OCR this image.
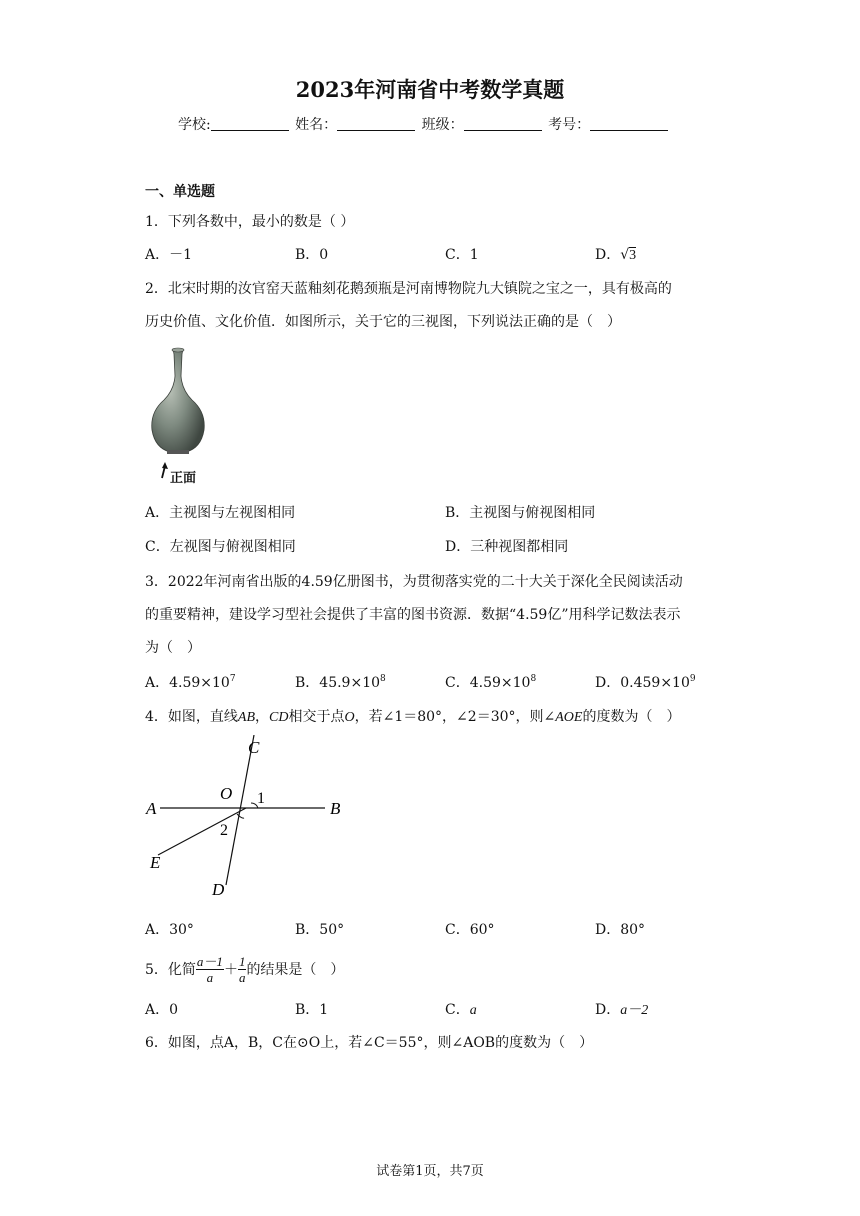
2023年河南省中考数学真题
学校:	姓名：	班级：	考号：
一、单选题
1．下列各数中，最小的数是（ ）
A．－1	B．0	C．1	D．√3
2．北宋时期的汝官窑天蓝釉刻花鹅颈瓶是河南博物院九大镇院之宝之一，具有极高的
历史价值、文化价值．如图所示，关于它的三视图，下列说法正确的是（　）
正面
A．主视图与左视图相同	B．主视图与俯视图相同
C．左视图与俯视图相同	D．三种视图都相同
3．2022年河南省出版的4.59亿册图书，为贯彻落实党的二十大关于深化全民阅读活动
的重要精神，建设学习型社会提供了丰富的图书资源．数据“4.59亿”用科学记数法表示
为（　）
A．$4.59\times 10^7$	B．$45.9\times 10^8$	C．$4.59\times 10^8$	D．$0.459\times 10^9$
4．如图，直线AB，CD相交于点O，若∠1＝80°，∠2＝30°，则∠AOE的度数为（　）
A	B
C
D
E
O 1
2
A．30°	B．50°	C．60°	D．80°
5．化简 $\frac{a-1}{a} + \frac{1}{a}$ 的结果是（　）
A．0	B．1	C．a	D．a－2
6．如图，点A，B，C在⊙O上，若∠C＝55°，则∠AOB的度数为（　）
试卷第1页，共7页
